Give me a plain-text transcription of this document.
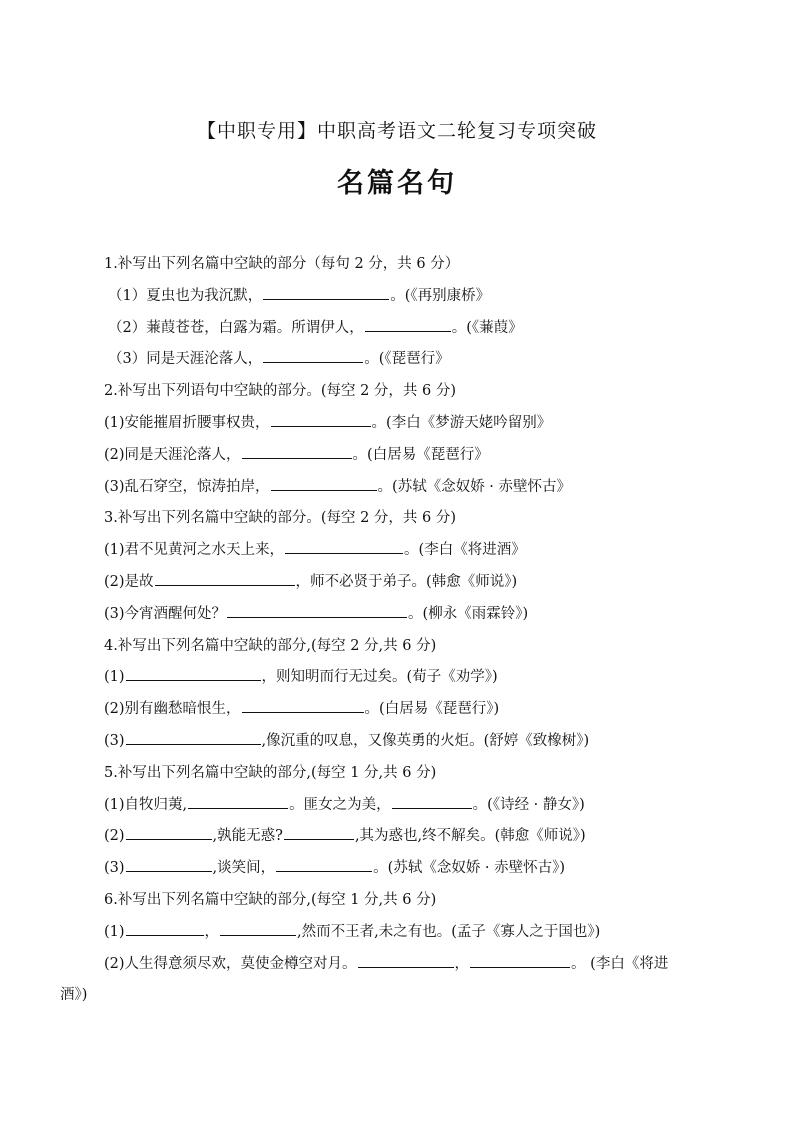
【中职专用】中职高考语文二轮复习专项突破
名篇名句
1.补写出下列名篇中空缺的部分（每句 2 分，共 6 分）
（1）夏虫也为我沉默，	。(《再别康桥》
（2）蒹葭苍苍，白露为霜。所谓伊人，	。(《蒹葭》
（3）同是天涯沦落人，	。(《琵琶行》
2.补写出下列语句中空缺的部分。(每空 2 分，共 6 分)
(1)安能摧眉折腰事权贵，	。(李白《梦游天姥吟留别》
(2)同是天涯沦落人，	。(白居易《琵琶行》
(3)乱石穿空，惊涛拍岸，	。(苏轼《念奴娇 · 赤壁怀古》
3.补写出下列名篇中空缺的部分。(每空 2 分，共 6 分)
(1)君不见黄河之水天上来，	。(李白《将进酒》
(2)是故	，师不必贤于弟子。(韩愈《师说》)
(3)今宵酒醒何处？	。(柳永《雨霖铃》)
4.补写出下列名篇中空缺的部分,(每空 2 分,共 6 分)
(1)	，则知明而行无过矣。(荀子《劝学》)
(2)别有幽愁暗恨生，	。(白居易《琵琶行》)
(3)	,像沉重的叹息，又像英勇的火炬。(舒婷《致橡树》)
5.补写出下列名篇中空缺的部分,(每空 1 分,共 6 分)
(1)自牧归荑,	。匪女之为美，	。(《诗经 · 静女》)
(2)	,孰能无惑?	,其为惑也,终不解矣。(韩愈《师说》)
(3)	,谈笑间，	。(苏轼《念奴娇 · 赤壁怀古》)
6.补写出下列名篇中空缺的部分,(每空 1 分,共 6 分)
(1)	，	,然而不王者,未之有也。(孟子《寡人之于国也》)
(2)人生得意须尽欢，莫使金樽空对月。	，	。 (李白《将进
酒》)
